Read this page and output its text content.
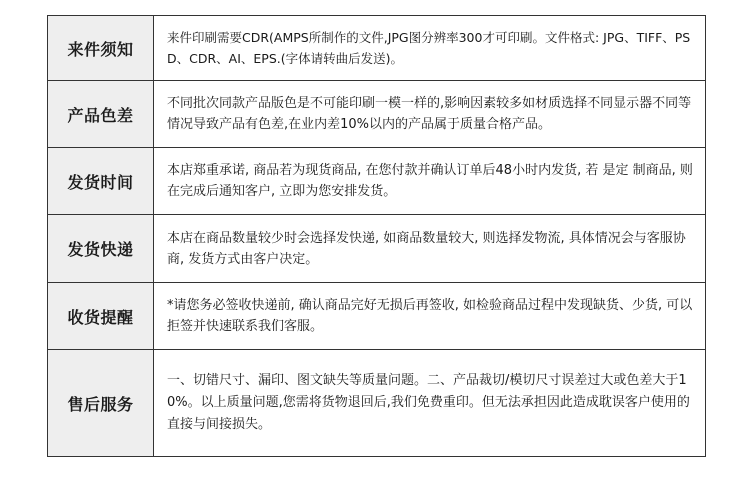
来件须知
来件印刷需要CDR(AMPS所制作的文件,JPG图分辨率300才可印刷。文件格式: JPG、TIFF、PSD、CDR、AI、EPS.(字体请转曲后发送)。
产品色差
不同批次同款产品版色是不可能印刷一模一样的,影响因素较多如材质选择不同显示器不同等情况导致产品有色差,在业内差10%以内的产品属于质量合格产品。
发货时间
本店郑重承诺, 商品若为现货商品, 在您付款并确认订单后48小时内发货, 若 是定 制商品, 则在完成后通知客户, 立即为您安排发货。
发货快递
本店在商品数量较少时会选择发快递, 如商品数量较大, 则选择发物流, 具体情况会与客服协商, 发货方式由客户决定。
收货提醒
*请您务必签收快递前, 确认商品完好无损后再签收, 如检验商品过程中发现缺货、少货, 可以拒签并快速联系我们客服。
售后服务
一、切错尺寸、漏印、图文缺失等质量问题。二、产品裁切/模切尺寸误差过大或色差大于10%。以上质量问题,您需将货物退回后,我们免费重印。但无法承担因此造成耽误客户使用的直接与间接损失。
